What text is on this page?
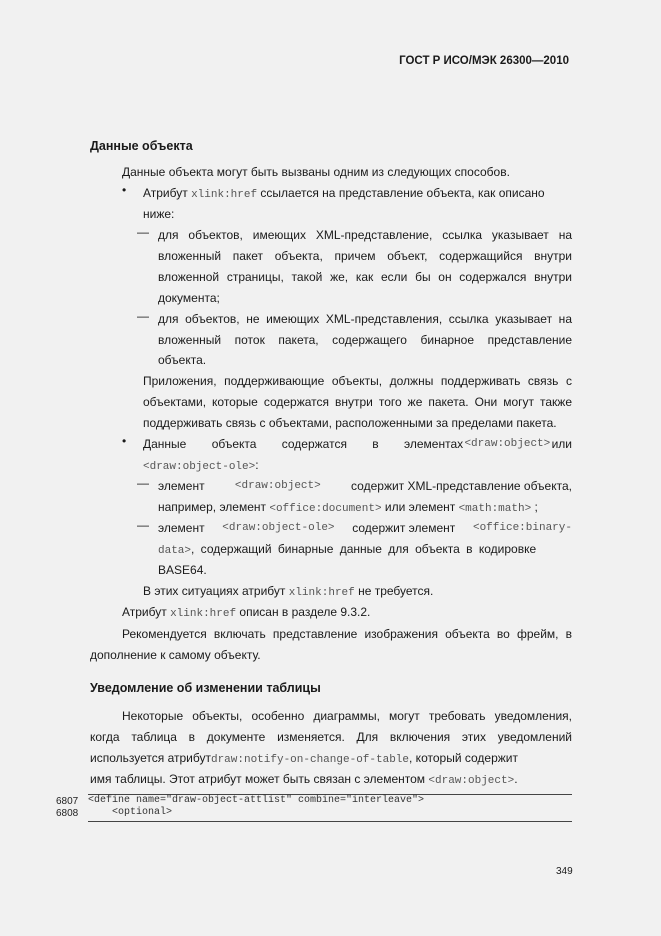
ГОСТ Р ИСО/МЭК 26300—2010
Данные объекта
Данные объекта могут быть вызваны одним из следующих способов.
• Атрибут xlink:href ссылается на представление объекта, как описано
ниже:
— для объектов, имеющих XML-представление, ссылка указывает на
вложенный пакет объекта, причем объект, содержащийся внутри
вложенной страницы, такой же, как если бы он содержался внутри
документа;
— для объектов, не имеющих XML-представления, ссылка указывает на
вложенный поток пакета, содержащего бинарное представление
объекта.
Приложения, поддерживающие объекты, должны поддерживать связь с
объектами, которые содержатся внутри того же пакета. Они могут также
поддерживать связь с объектами, расположенными за пределами пакета.
• Данные объекта содержатся в элементах <draw:object> или
<draw:object-ole>:
— элемент	<draw:object>	содержит XML-представление объекта,
например, элемент <office:document> или элемент <math:math> ;
— элемент <draw:object-ole> содержит элемент <office:binary-
data>, содержащий бинарные данные для объекта в кодировке
BASE64.
В этих ситуациях атрибут xlink:href не требуется.
Атрибут xlink:href описан в разделе 9.3.2.
Рекомендуется включать представление изображения объекта во фрейм, в
дополнение к самому объекту.
Уведомление об изменении таблицы
Некоторые объекты, особенно диаграммы, могут требовать уведомления,
когда таблица в документе изменяется. Для включения этих уведомлений
используется атрибут draw:notify-on-change-of-table, который содержит
имя таблицы. Этот атрибут может быть связан с элементом <draw:object>.
6807
6808
<define name="draw-object-attlist" combine="interleave">
<optional>
349
